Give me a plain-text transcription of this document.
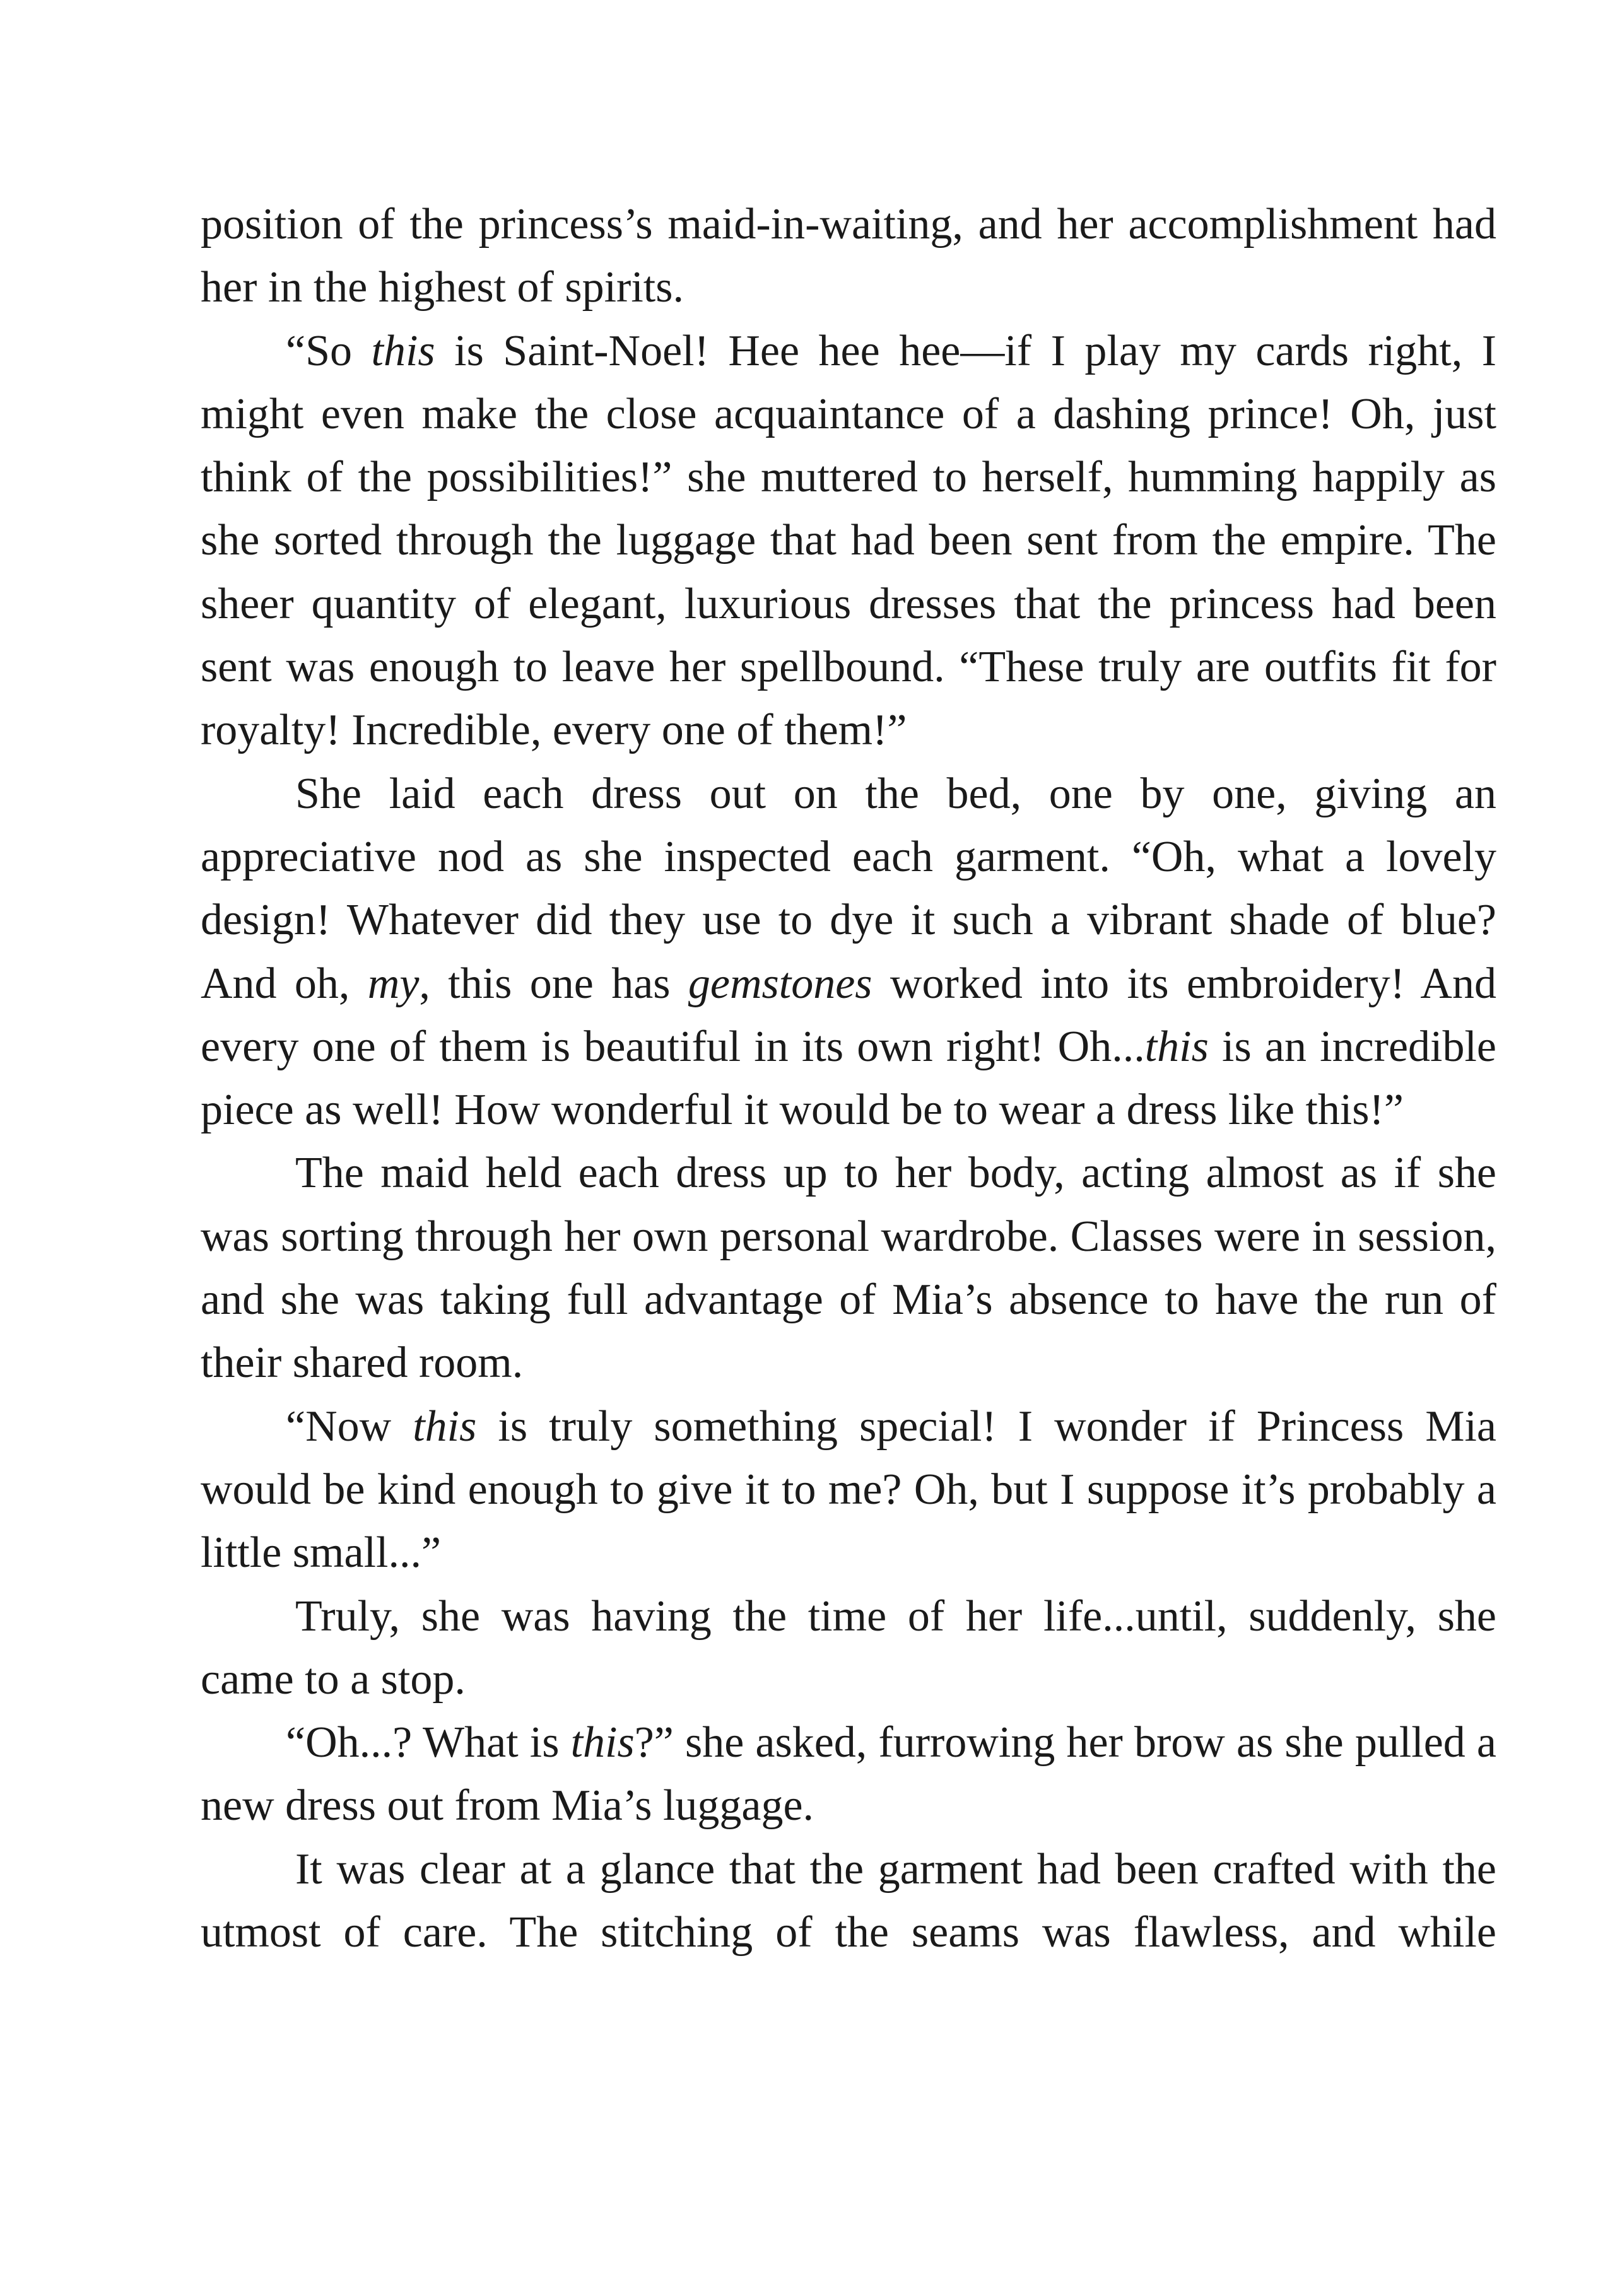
position of the princess’s maid-in-waiting, and her accomplishment had her in the highest of spirits.

“So this is Saint-Noel! Hee hee hee—if I play my cards right, I might even make the close acquaintance of a dashing prince! Oh, just think of the possibilities!” she muttered to herself, humming happily as she sorted through the luggage that had been sent from the empire. The sheer quantity of elegant, luxurious dresses that the princess had been sent was enough to leave her spellbound. “These truly are outfits fit for royalty! Incredible, every one of them!”

She laid each dress out on the bed, one by one, giving an appreciative nod as she inspected each garment. “Oh, what a lovely design! Whatever did they use to dye it such a vibrant shade of blue? And oh, my, this one has gemstones worked into its embroidery! And every one of them is beautiful in its own right! Oh...this is an incredible piece as well! How wonderful it would be to wear a dress like this!”

The maid held each dress up to her body, acting almost as if she was sorting through her own personal wardrobe. Classes were in session, and she was taking full advantage of Mia’s absence to have the run of their shared room.

“Now this is truly something special! I wonder if Princess Mia would be kind enough to give it to me? Oh, but I suppose it’s probably a little small...”

Truly, she was having the time of her life...until, suddenly, she came to a stop.

“Oh...? What is this?” she asked, furrowing her brow as she pulled a new dress out from Mia’s luggage.

It was clear at a glance that the garment had been crafted with the utmost of care. The stitching of the seams was flawless, and while
